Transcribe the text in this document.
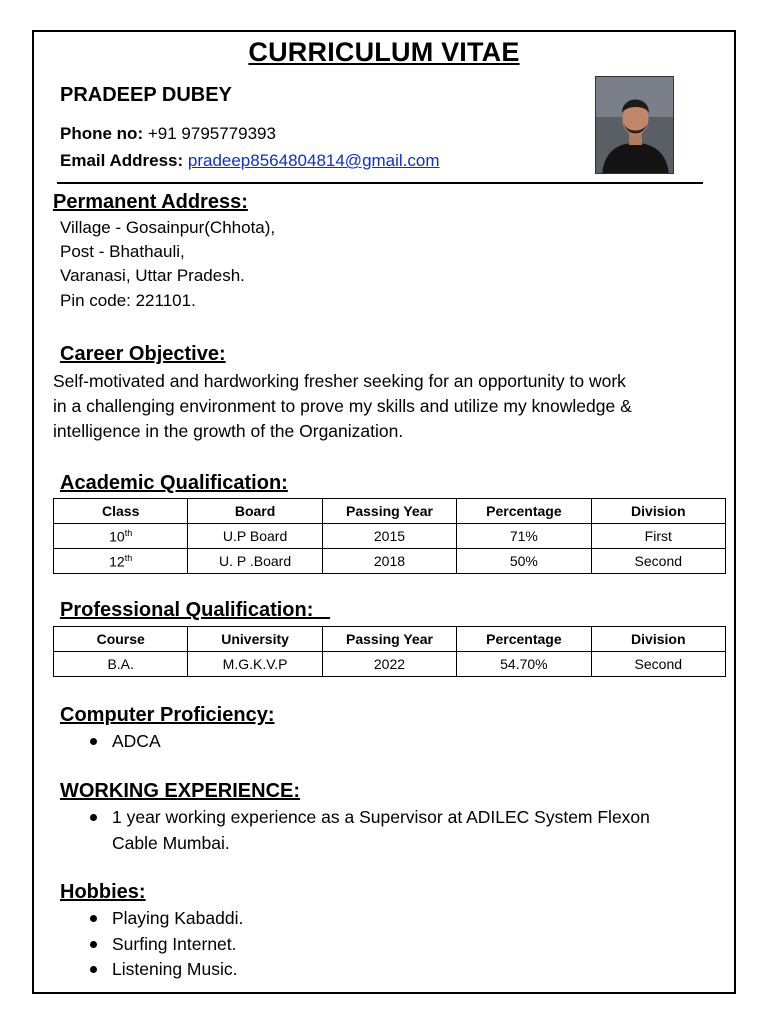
CURRICULUM VITAE
PRADEEP DUBEY
Phone no: +91 9795779393
Email Address: pradeep8564804814@gmail.com
Permanent Address:
Village - Gosainpur(Chhota),
Post - Bhathauli,
Varanasi, Uttar Pradesh.
Pin code: 221101.
Career Objective:
Self-motivated and hardworking fresher seeking for an opportunity to work
in a challenging environment to prove my skills and utilize my knowledge &
intelligence in the growth of the Organization.
Academic Qualification:
Class	Board	Passing Year	Percentage	Division
10th	U.P Board	2015	71%	First
12th	U. P .Board	2018	50%	Second
Professional Qualification:
Course	University	Passing Year	Percentage	Division
B.A.	M.G.K.V.P	2022	54.70%	Second
Computer Proficiency:
ADCA
WORKING EXPERIENCE:
1 year working experience as a Supervisor at ADILEC System Flexon
Cable Mumbai.
Hobbies:
Playing Kabaddi.
Surfing Internet.
Listening Music.
